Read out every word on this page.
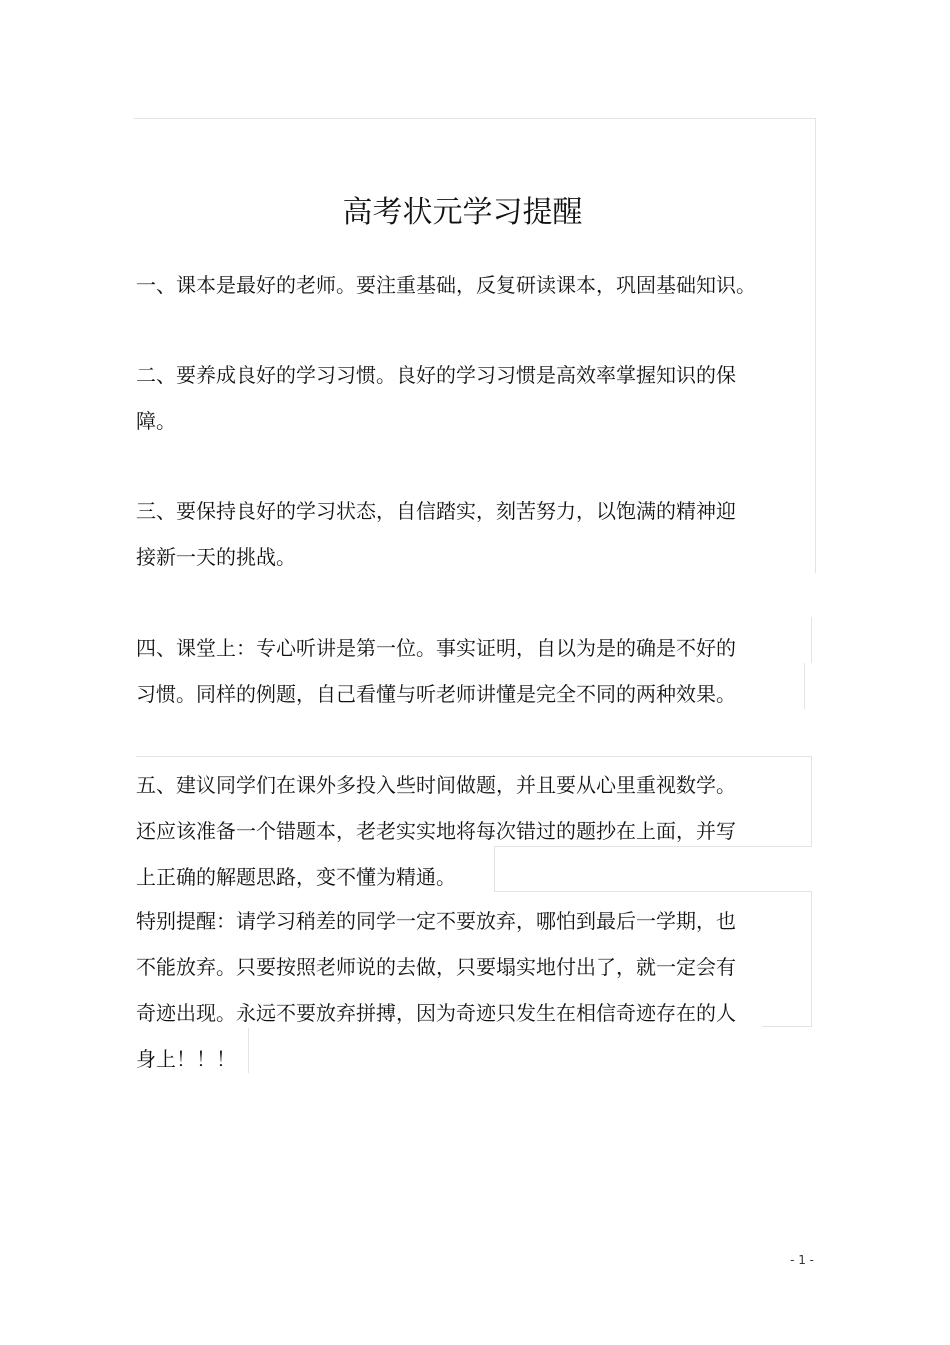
高考状元学习提醒
一、课本是最好的老师。要注重基础，反复研读课本，巩固基础知识。
二、要养成良好的学习习惯。良好的学习习惯是高效率掌握知识的保
障。
三、要保持良好的学习状态，自信踏实，刻苦努力，以饱满的精神迎
接新一天的挑战。
四、课堂上：专心听讲是第一位。事实证明，自以为是的确是不好的
习惯。同样的例题，自己看懂与听老师讲懂是完全不同的两种效果。
五、建议同学们在课外多投入些时间做题，并且要从心里重视数学。
还应该准备一个错题本，老老实实地将每次错过的题抄在上面，并写
上正确的解题思路，变不懂为精通。
特别提醒：请学习稍差的同学一定不要放弃，哪怕到最后一学期，也
不能放弃。只要按照老师说的去做，只要塌实地付出了，就一定会有
奇迹出现。永远不要放弃拼搏，因为奇迹只发生在相信奇迹存在的人
身上！！！
- 1 -
